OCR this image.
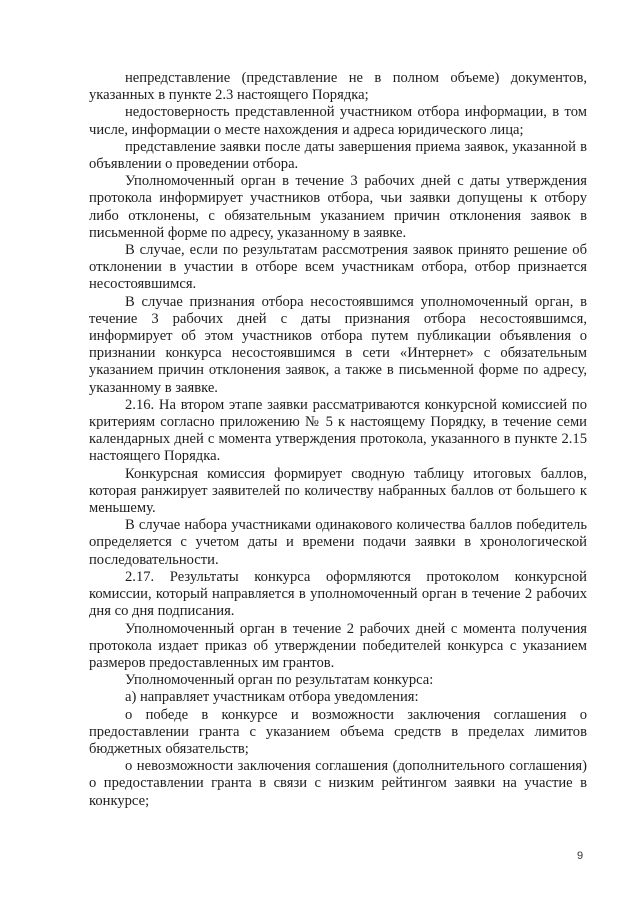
непредставление (представление не в полном объеме) документов, указанных в пункте 2.3 настоящего Порядка;

недостоверность представленной участником отбора информации, в том числе, информации о месте нахождения и адреса юридического лица;

представление заявки после даты завершения приема заявок, указанной в объявлении о проведении отбора.

Уполномоченный орган в течение 3 рабочих дней с даты утверждения протокола информирует участников отбора, чьи заявки допущены к отбору либо отклонены, с обязательным указанием причин отклонения заявок в письменной форме по адресу, указанному в заявке.

В случае, если по результатам рассмотрения заявок принято решение об отклонении в участии в отборе всем участникам отбора, отбор признается несостоявшимся.

В случае признания отбора несостоявшимся уполномоченный орган, в течение 3 рабочих дней с даты признания отбора несостоявшимся, информирует об этом участников отбора путем публикации объявления о признании конкурса несостоявшимся в сети «Интернет» с обязательным указанием причин отклонения заявок, а также в письменной форме по адресу, указанному в заявке.

2.16. На втором этапе заявки рассматриваются конкурсной комиссией по критериям согласно приложению № 5 к настоящему Порядку, в течение семи календарных дней с момента утверждения протокола, указанного в пункте 2.15 настоящего Порядка.

Конкурсная комиссия формирует сводную таблицу итоговых баллов, которая ранжирует заявителей по количеству набранных баллов от большего к меньшему.

В случае набора участниками одинакового количества баллов победитель определяется с учетом даты и времени подачи заявки в хронологической последовательности.

2.17. Результаты конкурса оформляются протоколом конкурсной комиссии, который направляется в уполномоченный орган в течение 2 рабочих дня со дня подписания.

Уполномоченный орган в течение 2 рабочих дней с момента получения протокола издает приказ об утверждении победителей конкурса с указанием размеров предоставленных им грантов.

Уполномоченный орган по результатам конкурса:

а) направляет участникам отбора уведомления:

о победе в конкурсе и возможности заключения соглашения о предоставлении гранта с указанием объема средств в пределах лимитов бюджетных обязательств;

о невозможности заключения соглашения (дополнительного соглашения) о предоставлении гранта в связи с низким рейтингом заявки на участие в конкурсе;

9
